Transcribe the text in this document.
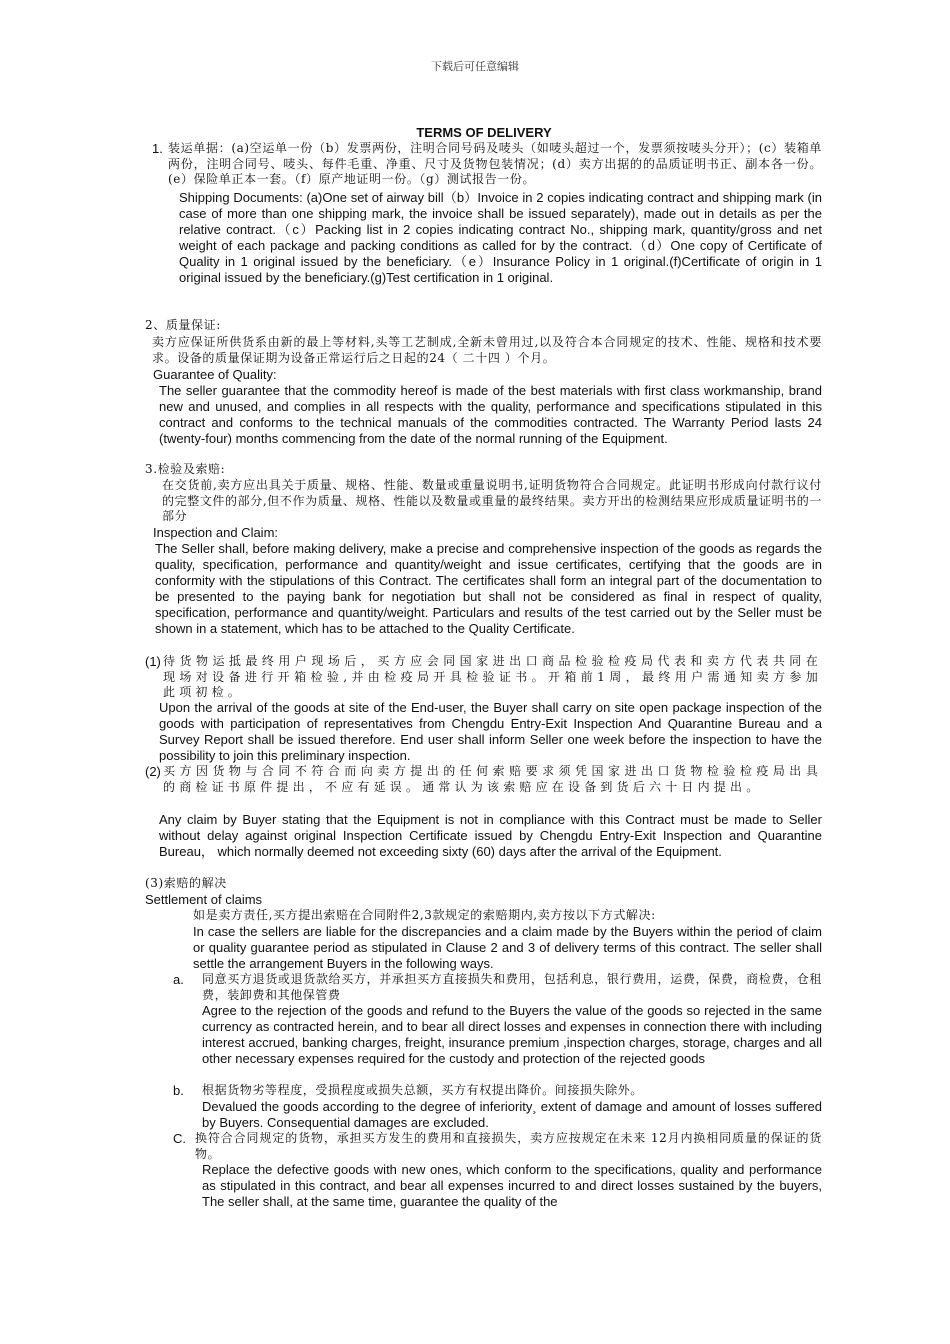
下载后可任意编辑
TERMS OF DELIVERY
1. 装运单据：(a)空运单一份（b）发票两份，注明合同号码及唛头（如唛头超过一个，发票须按唛头分开）；(c）装箱单两份，注明合同号、唛头、每件毛重、净重、尺寸及货物包装情况；(d）卖方出据的的品质证明书正、副本各一份。(e）保险单正本一套。（f）原产地证明一份。（g）测试报告一份。
Shipping Documents: (a)One set of airway bill（b）Invoice in 2 copies indicating contract and shipping mark (in case of more than one shipping mark, the invoice shall be issued separately), made out in details as per the relative contract.（c）Packing list in 2 copies indicating contract No., shipping mark, quantity/gross and net weight of each package and packing conditions as called for by the contract.（d）One copy of Certificate of Quality in 1 original issued by the beneficiary.（e）Insurance Policy in 1 original.(f)Certificate of origin in 1 original issued by the beneficiary.(g)Test certification in 1 original.
2、质量保证:
卖方应保证所供货系由新的最上等材料,头等工艺制成,全新未曾用过,以及符合本合同规定的技术、性能、规格和技术要求。设备的质量保证期为设备正常运行后之日起的24（ 二十四 ）个月。
Guarantee of Quality:
The seller guarantee that the commodity hereof is made of the best materials with first class workmanship, brand new and unused, and complies in all respects with the quality, performance and specifications stipulated in this contract and conforms to the technical manuals of the commodities contracted. The Warranty Period lasts 24 (twenty-four) months commencing from the date of the normal running of the Equipment.
3.检验及索赔:
在交货前,卖方应出具关于质量、规格、性能、数量或重量说明书,证明货物符合合同规定。此证明书形成向付款行议付的完整文件的部分,但不作为质量、规格、性能以及数量或重量的最终结果。卖方开出的检测结果应形成质量证明书的一部分
Inspection and Claim:
The Seller shall, before making delivery, make a precise and comprehensive inspection of the goods as regards the quality, specification, performance and quantity/weight and issue certificates, certifying that the goods are in conformity with the stipulations of this Contract. The certificates shall form an integral part of the documentation to be presented to the paying bank for negotiation but shall not be considered as final in respect of quality, specification, performance and quantity/weight. Particulars and results of the test carried out by the Seller must be shown in a statement, which has to be attached to the Quality Certificate.
(1) 待货物运抵最终用户现场后，买方应会同国家进出口商品检验检疫局代表和卖方代表共同在现场对设备进行开箱检验,并由检疫局开具检验证书。开箱前1周，最终用户需通知卖方参加此项初检。
Upon the arrival of the goods at site of the End-user, the Buyer shall carry on site open package inspection of the goods with participation of representatives from Chengdu Entry-Exit Inspection And Quarantine Bureau and a Survey Report shall be issued therefore. End user shall inform Seller one week before the inspection to have the possibility to join this preliminary inspection.
(2) 买方因货物与合同不符合而向卖方提出的任何索赔要求须凭国家进出口货物检验检疫局出具的商检证书原件提出，不应有延误。通常认为该索赔应在设备到货后六十日内提出。
Any claim by Buyer stating that the Equipment is not in compliance with this Contract must be made to Seller without delay against original Inspection Certificate issued by Chengdu Entry-Exit Inspection and Quarantine Bureau， which normally deemed not exceeding sixty (60) days after the arrival of the Equipment.
(3)索赔的解决
Settlement of claims
如是卖方责任,买方提出索赔在合同附件2,3款规定的索赔期内,卖方按以下方式解决:
In case the sellers are liable for the discrepancies and a claim made by the Buyers within the period of claim or quality guarantee period as stipulated in Clause 2 and 3 of delivery terms of this contract. The seller shall settle the arrangement Buyers in the following ways.
a.	同意买方退货或退货款给买方，并承担买方直接损失和费用，包括利息，银行费用，运费，保费，商检费，仓租费，装卸费和其他保管费
Agree to the rejection of the goods and refund to the Buyers the value of the goods so rejected in the same currency as contracted herein, and to bear all direct losses and expenses in connection there with including interest accrued, banking charges, freight, insurance premium ,inspection charges, storage, charges and all other necessary expenses required for the custody and protection of the rejected goods
b.	根据货物劣等程度，受损程度或损失总额，买方有权提出降价。间接损失除外。
Devalued the goods according to the degree of inferiority¸ extent of damage and amount of losses suffered by Buyers. Consequential damages are excluded.
C. 换符合合同规定的货物，承担买方发生的费用和直接损失，卖方应按规定在未来 12月内换相同质量的保证的货物。
Replace the defective goods with new ones, which conform to the specifications, quality and performance as stipulated in this contract, and bear all expenses incurred to and direct losses sustained by the buyers, The seller shall, at the same time, guarantee the quality of the
